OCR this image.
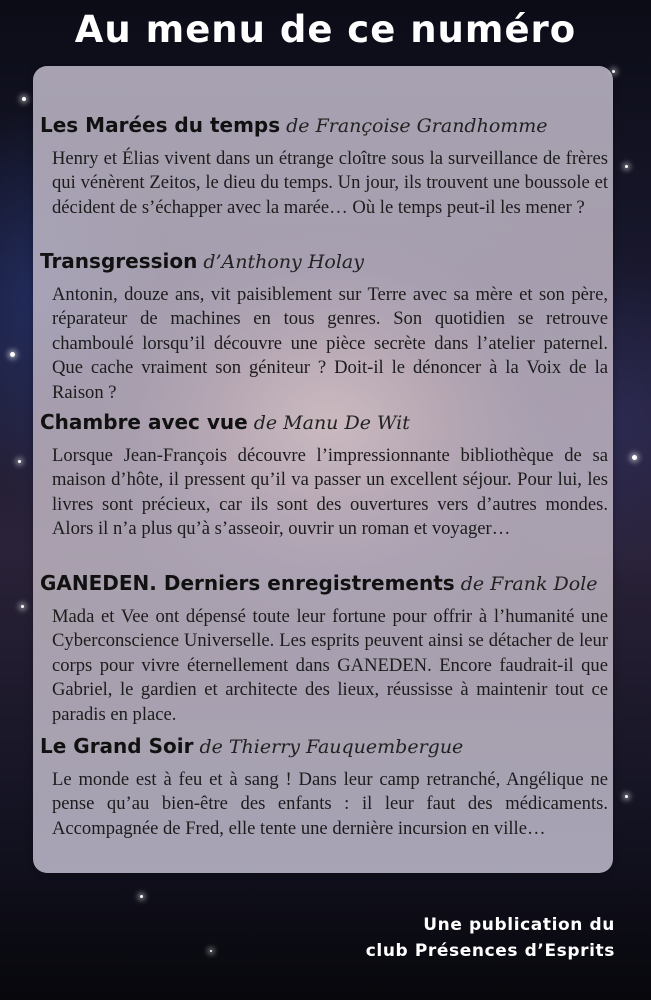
Au menu de ce numéro

Les Marées du temps de Françoise Grandhomme

Henry et Élias vivent dans un étrange cloître sous la surveillance de frères qui vénèrent Zeitos, le dieu du temps. Un jour, ils trouvent une boussole et décident de s’échapper avec la marée… Où le temps peut-il les mener ?

Transgression d’Anthony Holay

Antonin, douze ans, vit paisiblement sur Terre avec sa mère et son père, réparateur de machines en tous genres. Son quotidien se retrouve chamboulé lorsqu’il découvre une pièce secrète dans l’atelier paternel. Que cache vraiment son géniteur ? Doit-il le dénoncer à la Voix de la Raison ?

Chambre avec vue de Manu De Wit

Lorsque Jean-François découvre l’impressionnante bibliothèque de sa maison d’hôte, il pressent qu’il va passer un excellent séjour. Pour lui, les livres sont précieux, car ils sont des ouvertures vers d’autres mondes. Alors il n’a plus qu’à s’asseoir, ouvrir un roman et voyager…

GANEDEN. Derniers enregistrements de Frank Dole

Mada et Vee ont dépensé toute leur fortune pour offrir à l’humanité une Cyberconscience Universelle. Les esprits peuvent ainsi se détacher de leur corps pour vivre éternellement dans GANEDEN. Encore faudrait-il que Gabriel, le gardien et architecte des lieux, réussisse à maintenir tout ce paradis en place.

Le Grand Soir de Thierry Fauquembergue

Le monde est à feu et à sang ! Dans leur camp retranché, Angélique ne pense qu’au bien-être des enfants : il leur faut des médicaments. Accompagnée de Fred, elle tente une dernière incursion en ville…

Une publication du
club Présences d’Esprits
